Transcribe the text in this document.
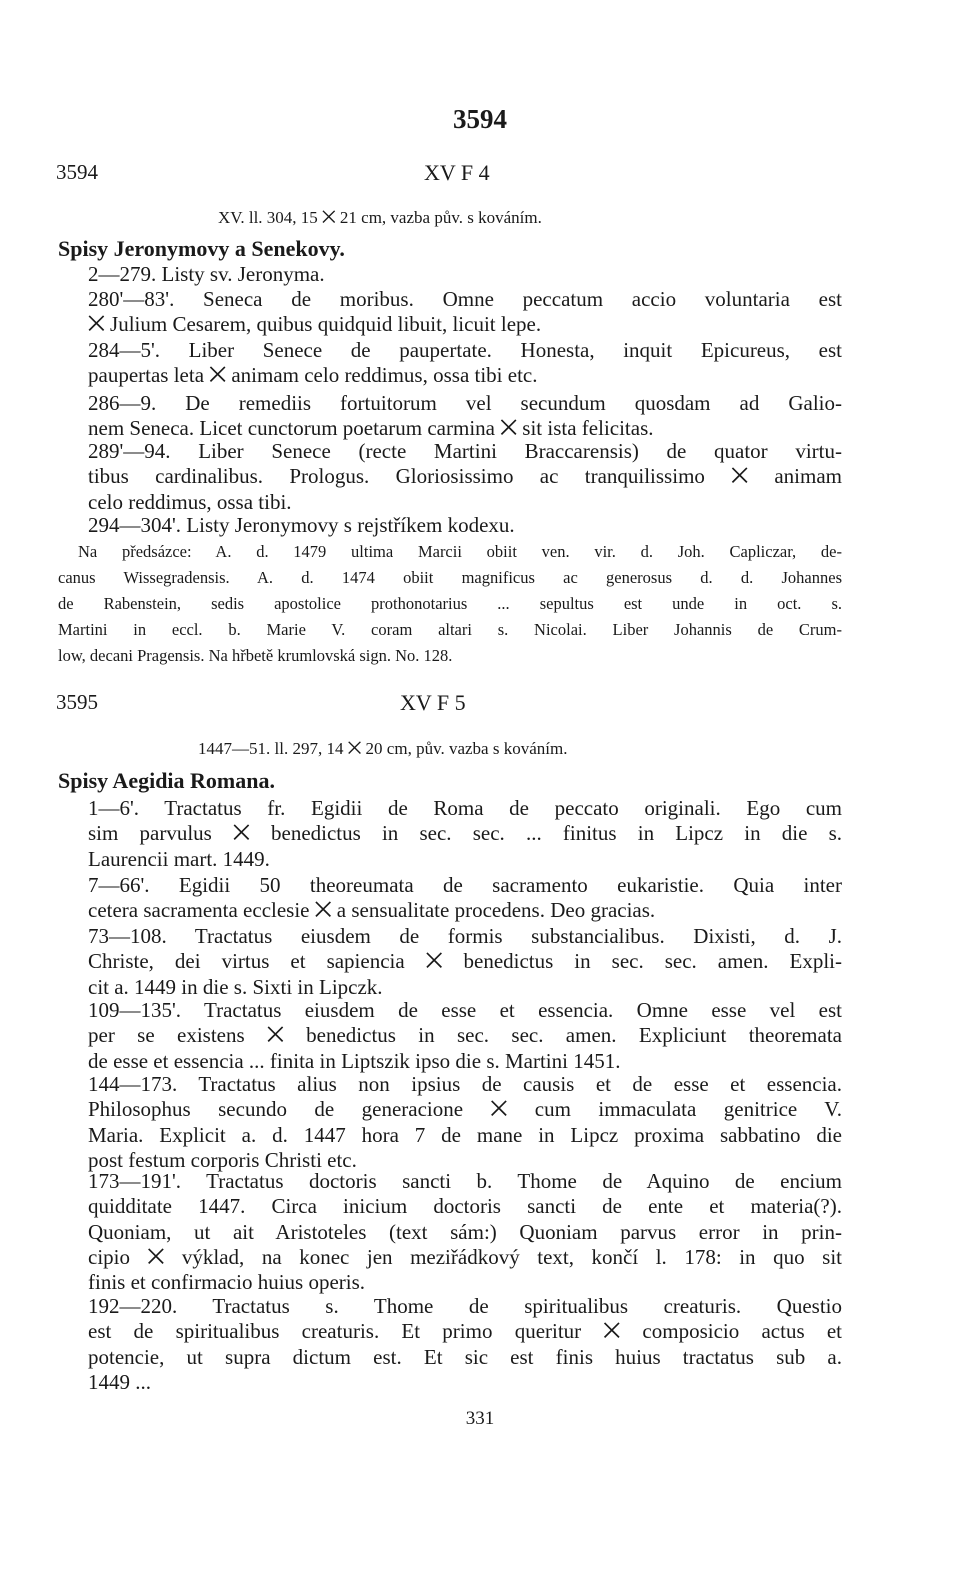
3594
3594	XV F 4
XV. ll. 304, 15 ⨉ 21 cm, vazba pův. s kováním.
Spisy Jeronymovy a Senekovy.
2—279. Listy sv. Jeronyma.
280'—83'. Seneca de moribus. Omne peccatum accio voluntaria est
⨉ Julium Cesarem, quibus quidquid libuit, licuit lepe.
284—5'. Liber Senece de paupertate. Honesta, inquit Epicureus, est
paupertas leta ⨉ animam celo reddimus, ossa tibi etc.
286—9. De remediis fortuitorum vel secundum quosdam ad Galio-
nem Seneca. Licet cunctorum poetarum carmina ⨉ sit ista felicitas.
289'—94. Liber Senece (recte Martini Braccarensis) de quator virtu-
tibus cardinalibus. Prologus. Gloriosissimo ac tranquilissimo ⨉ animam
celo reddimus, ossa tibi.
294—304'. Listy Jeronymovy s rejstříkem kodexu.
Na předsázce: A. d. 1479 ultima Marcii obiit ven. vir. d. Joh. Capliczar, de-
canus Wissegradensis. A. d. 1474 obiit magnificus ac generosus d. d. Johannes
de Rabenstein, sedis apostolice prothonotarius ... sepultus est unde in oct. s.
Martini in eccl. b. Marie V. coram altari s. Nicolai. Liber Johannis de Crum-
low, decani Pragensis. Na hřbetě krumlovská sign. No. 128.
3595	XV F 5
1447—51. ll. 297, 14 ⨉ 20 cm, pův. vazba s kováním.
Spisy Aegidia Romana.
1—6'. Tractatus fr. Egidii de Roma de peccato originali. Ego cum
sim parvulus ⨉ benedictus in sec. sec. ... finitus in Lipcz in die s.
Laurencii mart. 1449.
7—66'. Egidii 50 theoreumata de sacramento eukaristie. Quia inter
cetera sacramenta ecclesie ⨉ a sensualitate procedens. Deo gracias.
73—108. Tractatus eiusdem de formis substancialibus. Dixisti, d. J.
Christe, dei virtus et sapiencia ⨉ benedictus in sec. sec. amen. Expli-
cit a. 1449 in die s. Sixti in Lipczk.
109—135'. Tractatus eiusdem de esse et essencia. Omne esse vel est
per se existens ⨉ benedictus in sec. sec. amen. Expliciunt theoremata
de esse et essencia ... finita in Liptszik ipso die s. Martini 1451.
144—173. Tractatus alius non ipsius de causis et de esse et essencia.
Philosophus secundo de generacione ⨉ cum immaculata genitrice V.
Maria. Explicit a. d. 1447 hora 7 de mane in Lipcz proxima sabbatino die
post festum corporis Christi etc.
173—191'. Tractatus doctoris sancti b. Thome de Aquino de encium
quidditate 1447. Circa inicium doctoris sancti de ente et materia(?).
Quoniam, ut ait Aristoteles (text sám:) Quoniam parvus error in prin-
cipio ⨉ výklad, na konec jen meziřádkový text, končí l. 178: in quo sit
finis et confirmacio huius operis.
192—220. Tractatus s. Thome de spiritualibus creaturis. Questio
est de spiritualibus creaturis. Et primo queritur ⨉ composicio actus et
potencie, ut supra dictum est. Et sic est finis huius tractatus sub a.
1449 ...
331
